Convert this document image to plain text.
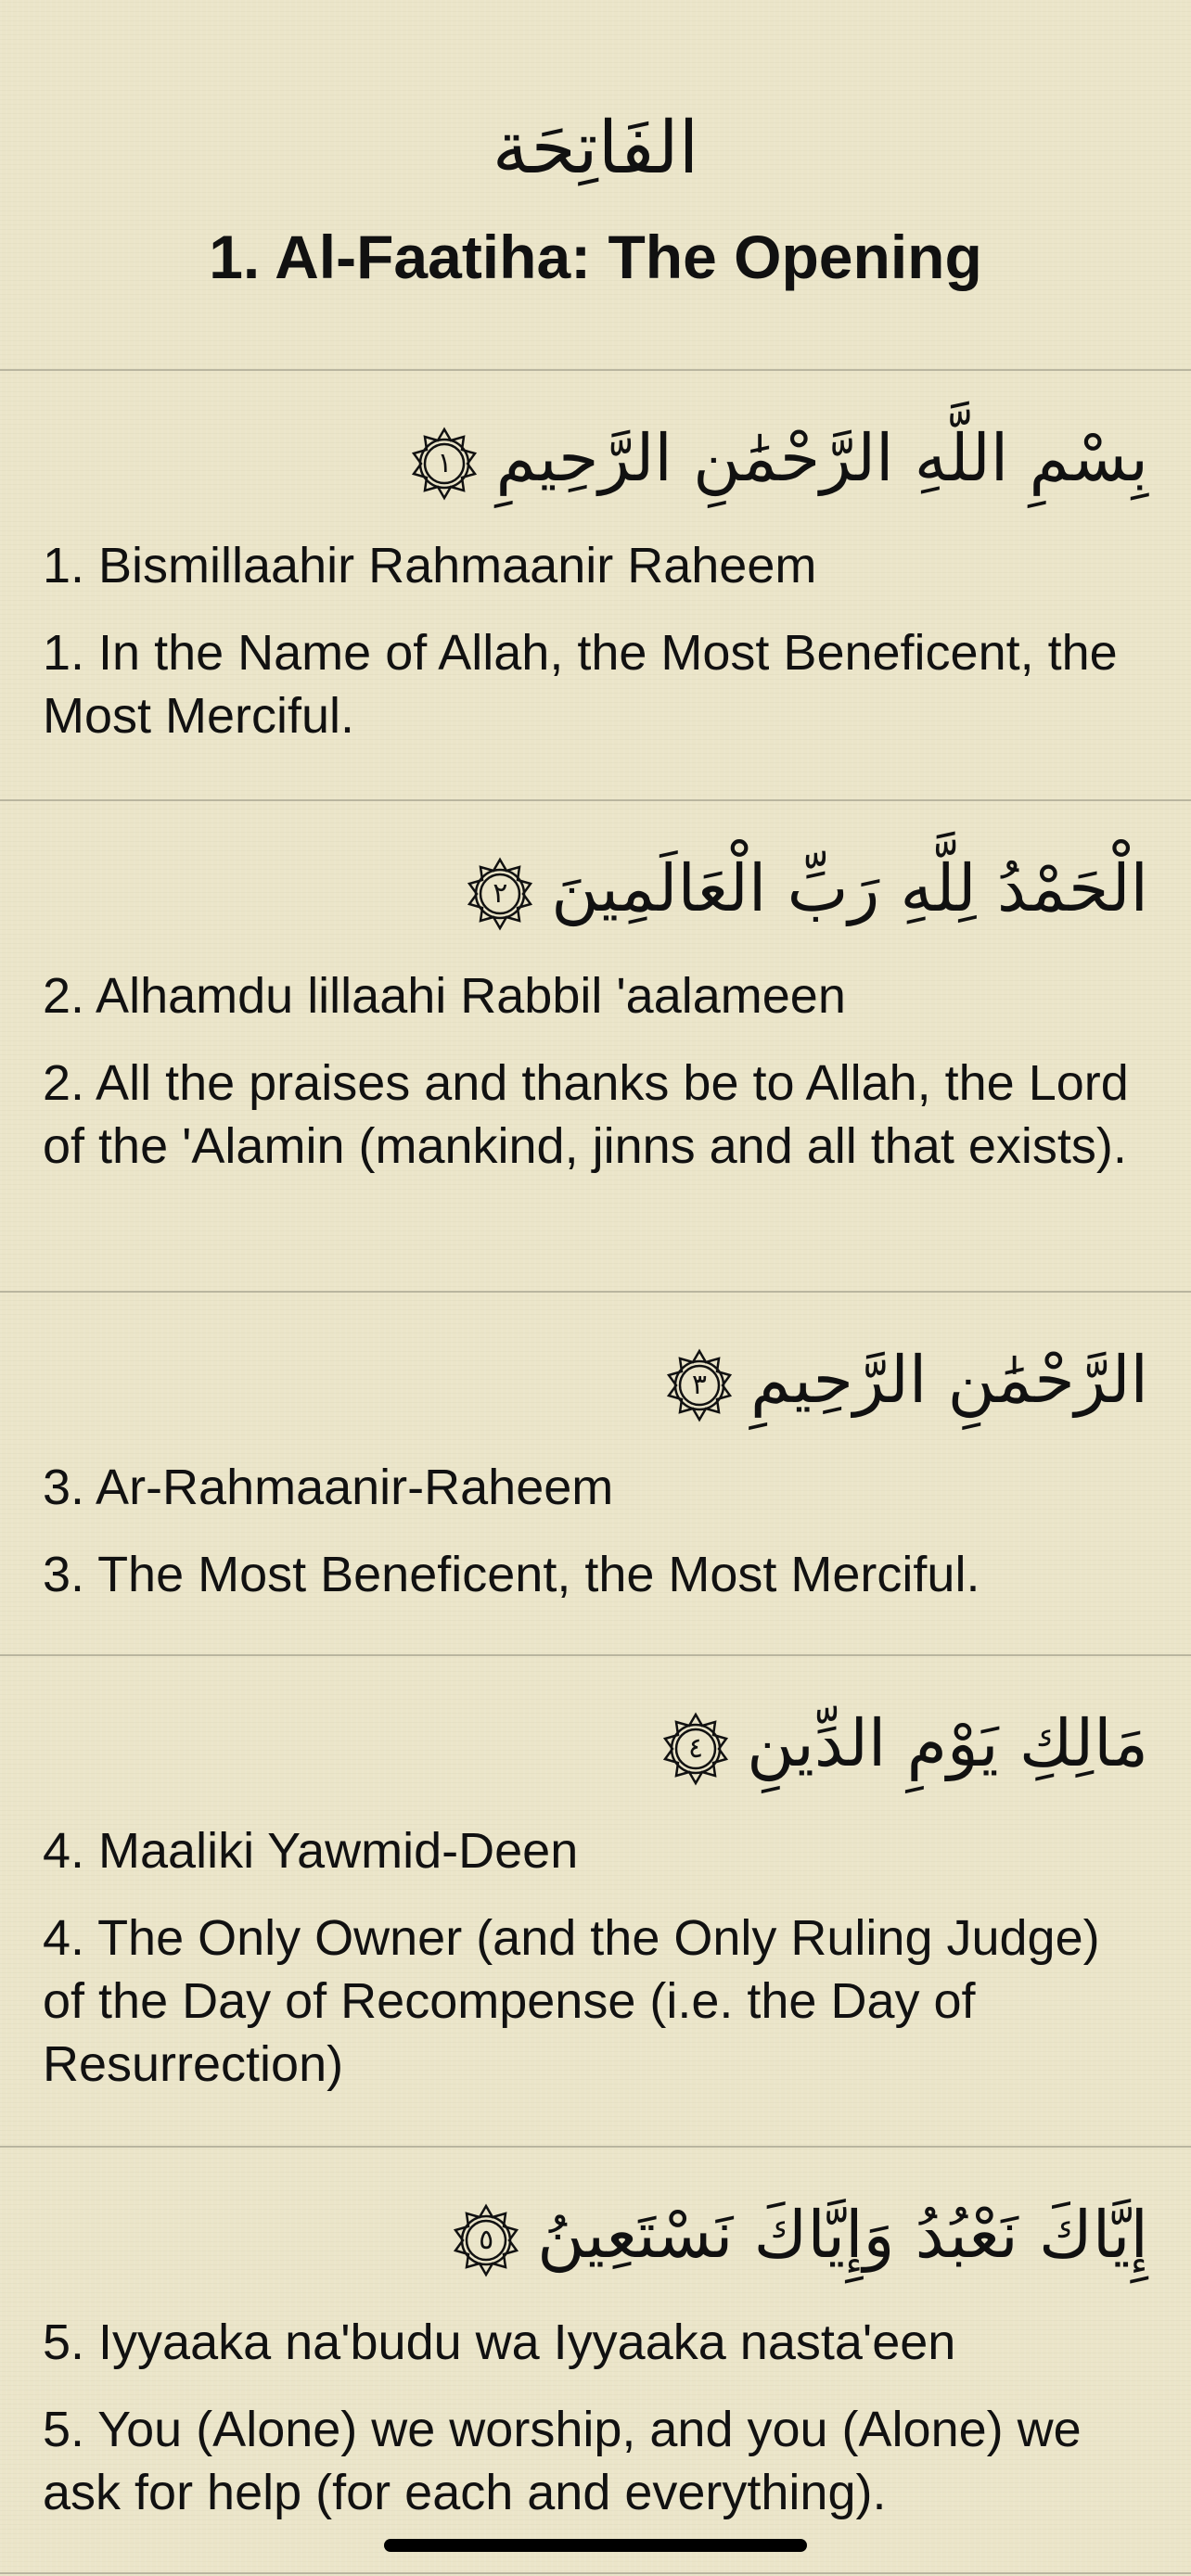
الفَاتِحَة
1. Al-Faatiha: The Opening
بِسْمِ اللَّهِ الرَّحْمَٰنِ الرَّحِيمِ
١
1. Bismillaahir Rahmaanir Raheem
1. In the Name of Allah, the Most Beneficent, the Most Merciful.
الْحَمْدُ لِلَّهِ رَبِّ الْعَالَمِينَ
٢
2. Alhamdu lillaahi Rabbil 'aalameen
2. All the praises and thanks be to Allah, the Lord of the 'Alamin (mankind, jinns and all that exists).
الرَّحْمَٰنِ الرَّحِيمِ
٣
3. Ar-Rahmaanir-Raheem
3. The Most Beneficent, the Most Merciful.
مَالِكِ يَوْمِ الدِّينِ
٤
4. Maaliki Yawmid-Deen
4. The Only Owner (and the Only Ruling Judge) of the Day of Recompense (i.e. the Day of Resurrection)
إِيَّاكَ نَعْبُدُ وَإِيَّاكَ نَسْتَعِينُ
٥
5. Iyyaaka na'budu wa Iyyaaka nasta'een
5. You (Alone) we worship, and you (Alone) we ask for help (for each and everything).
